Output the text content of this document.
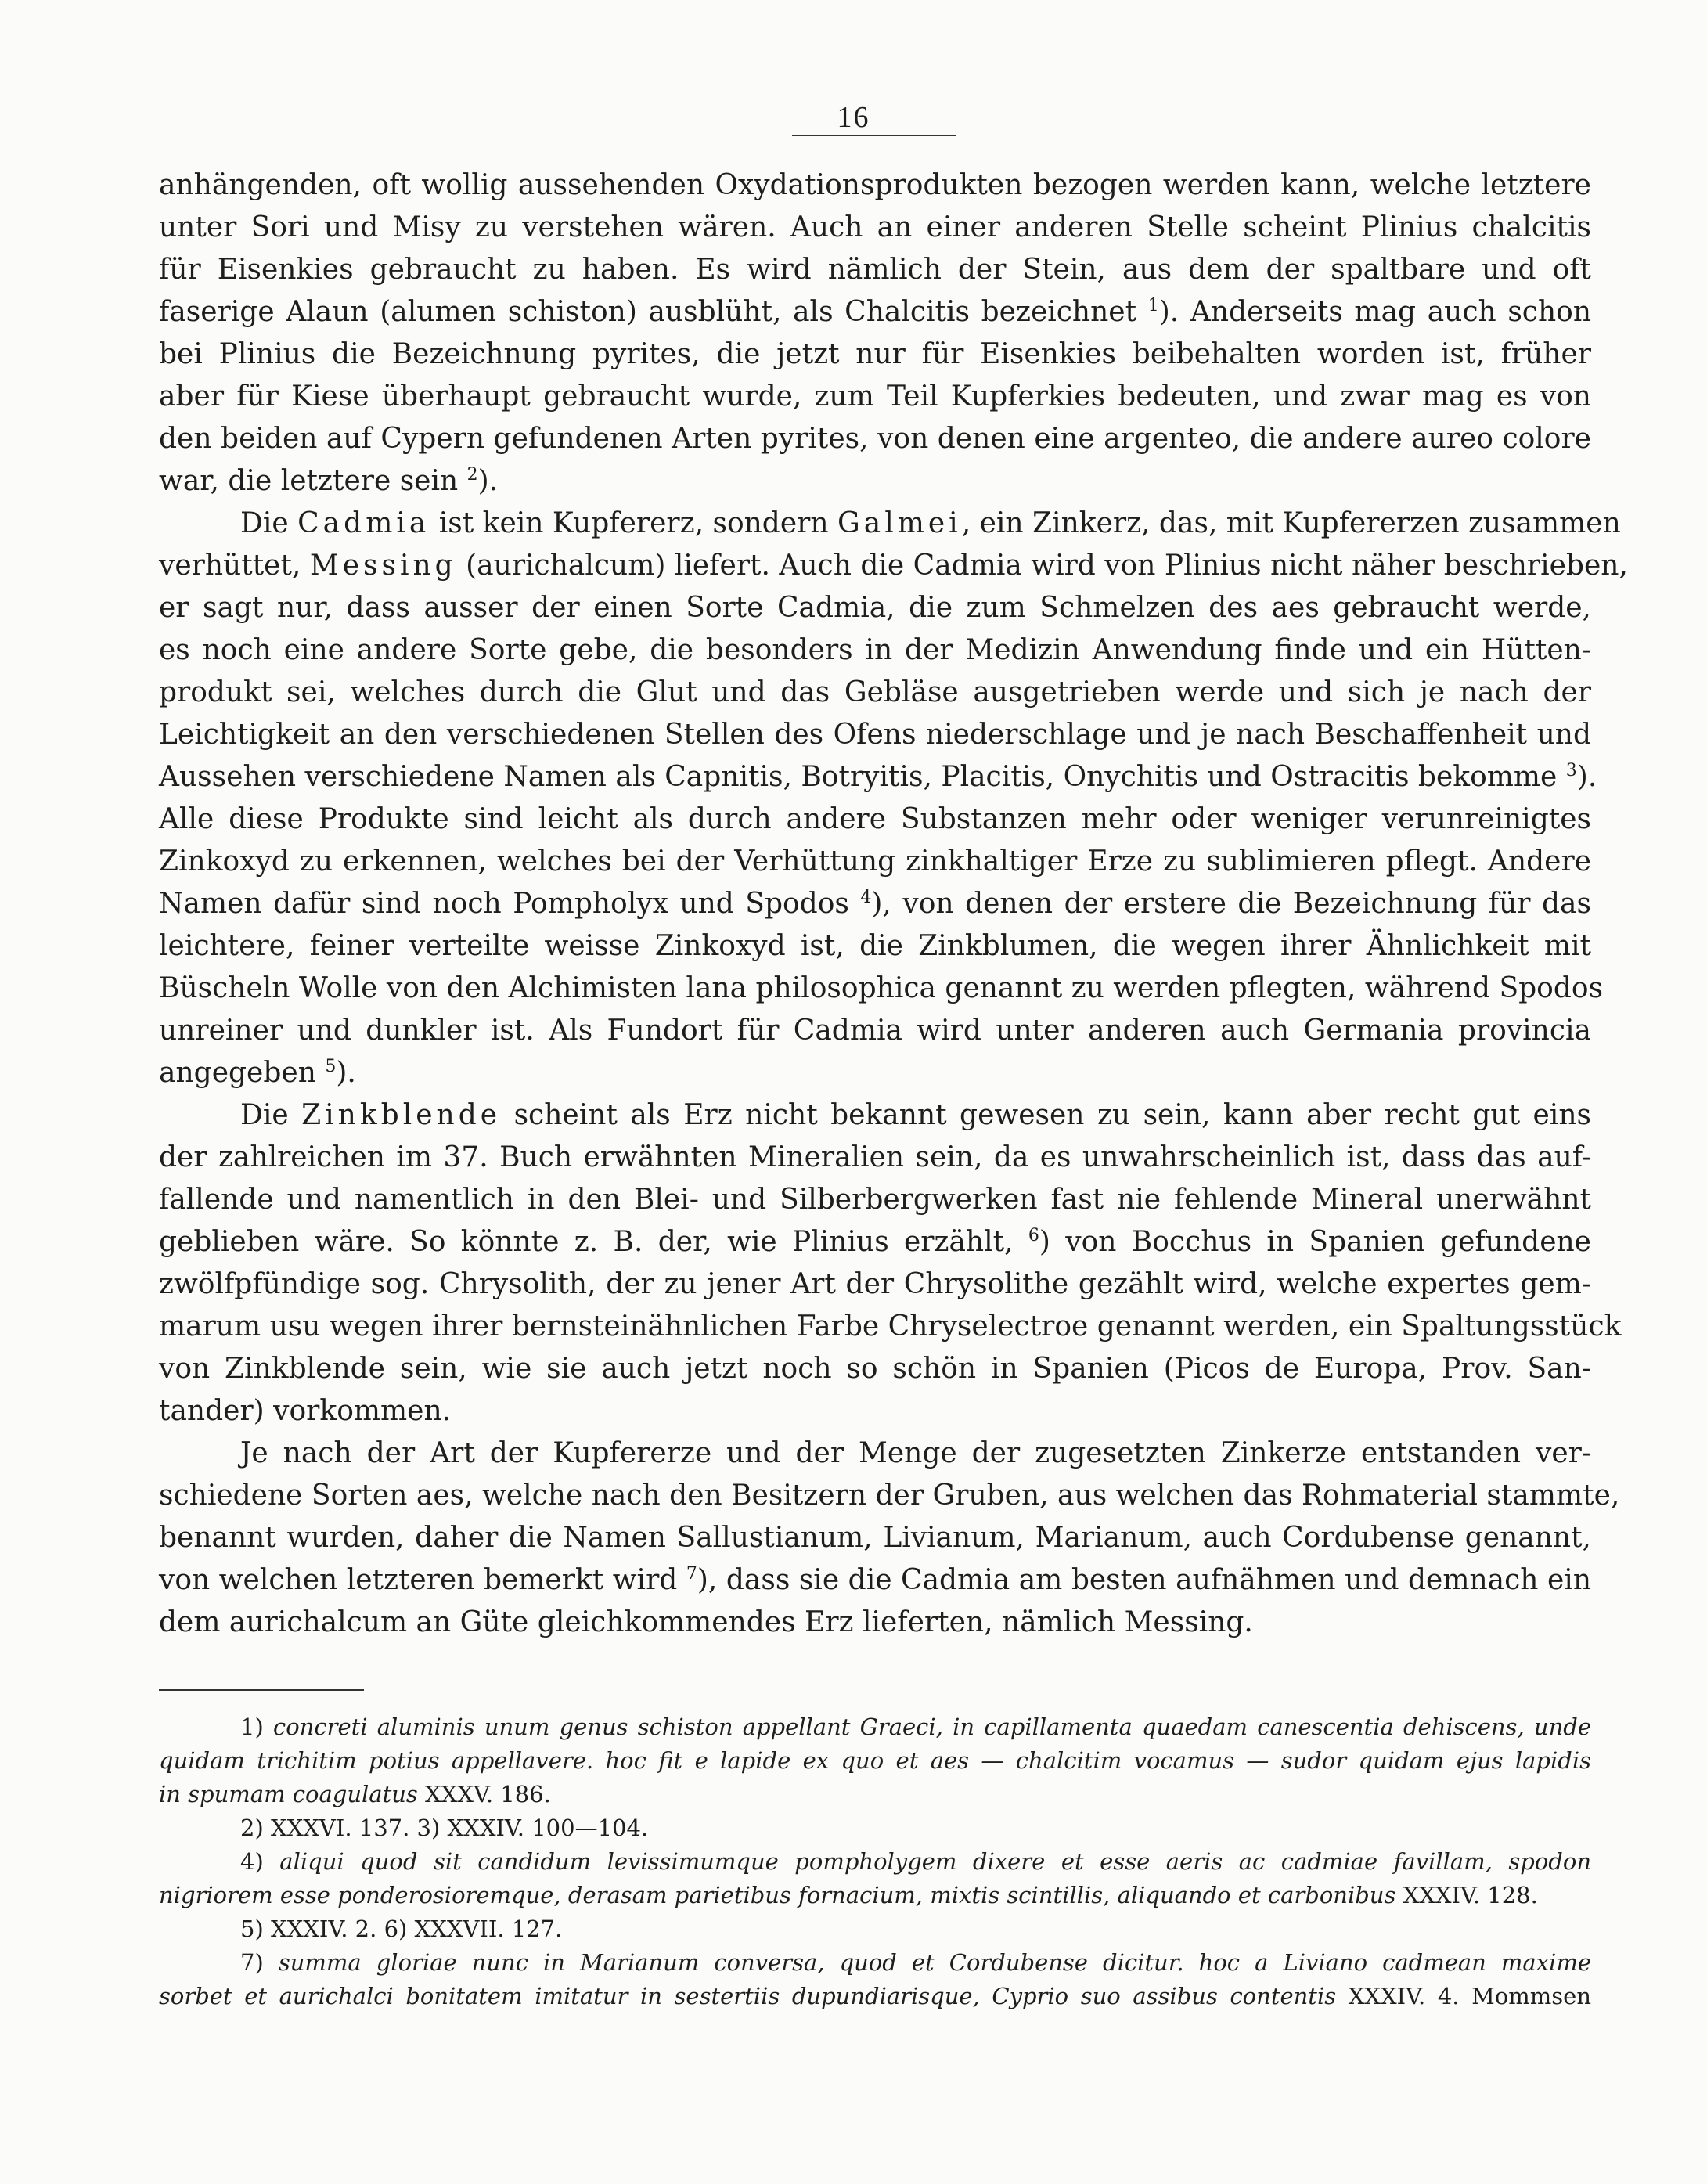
16
anhängenden, oft wollig aussehenden Oxydationsprodukten bezogen werden kann, welche letztere
unter Sori und Misy zu verstehen wären. Auch an einer anderen Stelle scheint Plinius chalcitis
für Eisenkies gebraucht zu haben. Es wird nämlich der Stein, aus dem der spaltbare und oft
faserige Alaun (alumen schiston) ausblüht, als Chalcitis bezeichnet $^1$). Anderseits mag auch schon
bei Plinius die Bezeichnung pyrites, die jetzt nur für Eisenkies beibehalten worden ist, früher
aber für Kiese überhaupt gebraucht wurde, zum Teil Kupferkies bedeuten, und zwar mag es von
den beiden auf Cypern gefundenen Arten pyrites, von denen eine argenteo, die andere aureo colore
war, die letztere sein $^2$).
Die Cadmia ist kein Kupfererz, sondern Galmei, ein Zinkerz, das, mit Kupfererzen zusammen
verhüttet, Messing (aurichalcum) liefert. Auch die Cadmia wird von Plinius nicht näher beschrieben,
er sagt nur, dass ausser der einen Sorte Cadmia, die zum Schmelzen des aes gebraucht werde,
es noch eine andere Sorte gebe, die besonders in der Medizin Anwendung finde und ein Hütten-
produkt sei, welches durch die Glut und das Gebläse ausgetrieben werde und sich je nach der
Leichtigkeit an den verschiedenen Stellen des Ofens niederschlage und je nach Beschaffenheit und
Aussehen verschiedene Namen als Capnitis, Botryitis, Placitis, Onychitis und Ostracitis bekomme $^3$).
Alle diese Produkte sind leicht als durch andere Substanzen mehr oder weniger verunreinigtes
Zinkoxyd zu erkennen, welches bei der Verhüttung zinkhaltiger Erze zu sublimieren pflegt. Andere
Namen dafür sind noch Pompholyx und Spodos $^4$), von denen der erstere die Bezeichnung für das
leichtere, feiner verteilte weisse Zinkoxyd ist, die Zinkblumen, die wegen ihrer Ähnlichkeit mit
Büscheln Wolle von den Alchimisten lana philosophica genannt zu werden pflegten, während Spodos
unreiner und dunkler ist. Als Fundort für Cadmia wird unter anderen auch Germania provincia
angegeben $^5$).
Die Zinkblende scheint als Erz nicht bekannt gewesen zu sein, kann aber recht gut eins
der zahlreichen im 37. Buch erwähnten Mineralien sein, da es unwahrscheinlich ist, dass das auf-
fallende und namentlich in den Blei- und Silberbergwerken fast nie fehlende Mineral unerwähnt
geblieben wäre. So könnte z. B. der, wie Plinius erzählt, $^6$) von Bocchus in Spanien gefundene
zwölfpfündige sog. Chrysolith, der zu jener Art der Chrysolithe gezählt wird, welche expertes gem-
marum usu wegen ihrer bernsteinähnlichen Farbe Chryselectroe genannt werden, ein Spaltungsstück
von Zinkblende sein, wie sie auch jetzt noch so schön in Spanien (Picos de Europa, Prov. San-
tander) vorkommen.
Je nach der Art der Kupfererze und der Menge der zugesetzten Zinkerze entstanden ver-
schiedene Sorten aes, welche nach den Besitzern der Gruben, aus welchen das Rohmaterial stammte,
benannt wurden, daher die Namen Sallustianum, Livianum, Marianum, auch Cordubense genannt,
von welchen letzteren bemerkt wird $^7$), dass sie die Cadmia am besten aufnähmen und demnach ein
dem aurichalcum an Güte gleichkommendes Erz lieferten, nämlich Messing.
1) concreti aluminis unum genus schiston appellant Graeci, in capillamenta quaedam canescentia dehiscens, unde
quidam trichitim potius appellavere. hoc fit e lapide ex quo et aes — chalcitim vocamus — sudor quidam ejus lapidis
in spumam coagulatus XXXV. 186.
2) XXXVI. 137. 3) XXXIV. 100—104.
4) aliqui quod sit candidum levissimumque pompholygem dixere et esse aeris ac cadmiae favillam, spodon
nigriorem esse ponderosioremque, derasam parietibus fornacium, mixtis scintillis, aliquando et carbonibus XXXIV. 128.
5) XXXIV. 2. 6) XXXVII. 127.
7) summa gloriae nunc in Marianum conversa, quod et Cordubense dicitur. hoc a Liviano cadmean maxime
sorbet et aurichalci bonitatem imitatur in sestertiis dupundiarisque, Cyprio suo assibus contentis XXXIV. 4. Mommsen
